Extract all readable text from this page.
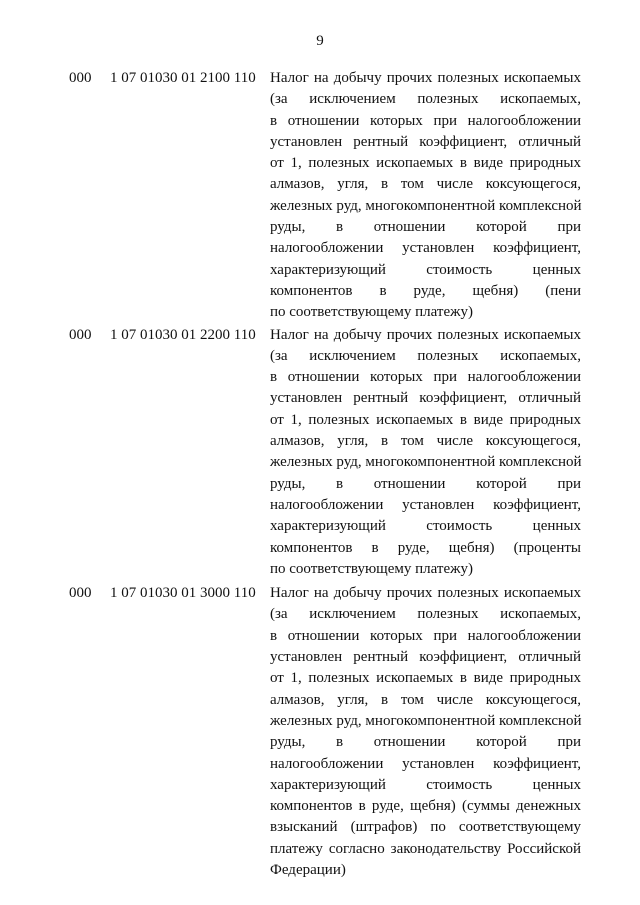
9
000 1 07 01030 01 2100 110 Налог на добычу прочих полезных ископаемых
(за исключением полезных ископаемых,
в отношении которых при налогообложении
установлен рентный коэффициент, отличный
от 1, полезных ископаемых в виде природных
алмазов, угля, в том числе коксующегося,
железных руд, многокомпонентной комплексной
руды, в отношении которой при
налогообложении установлен коэффициент,
характеризующий стоимость ценных
компонентов в руде, щебня) (пени
по соответствующему платежу)
000 1 07 01030 01 2200 110 Налог на добычу прочих полезных ископаемых
(за исключением полезных ископаемых,
в отношении которых при налогообложении
установлен рентный коэффициент, отличный
от 1, полезных ископаемых в виде природных
алмазов, угля, в том числе коксующегося,
железных руд, многокомпонентной комплексной
руды, в отношении которой при
налогообложении установлен коэффициент,
характеризующий стоимость ценных
компонентов в руде, щебня) (проценты
по соответствующему платежу)
000 1 07 01030 01 3000 110 Налог на добычу прочих полезных ископаемых
(за исключением полезных ископаемых,
в отношении которых при налогообложении
установлен рентный коэффициент, отличный
от 1, полезных ископаемых в виде природных
алмазов, угля, в том числе коксующегося,
железных руд, многокомпонентной комплексной
руды, в отношении которой при
налогообложении установлен коэффициент,
характеризующий стоимость ценных
компонентов в руде, щебня) (суммы денежных
взысканий (штрафов) по соответствующему
платежу согласно законодательству Российской
Федерации)
